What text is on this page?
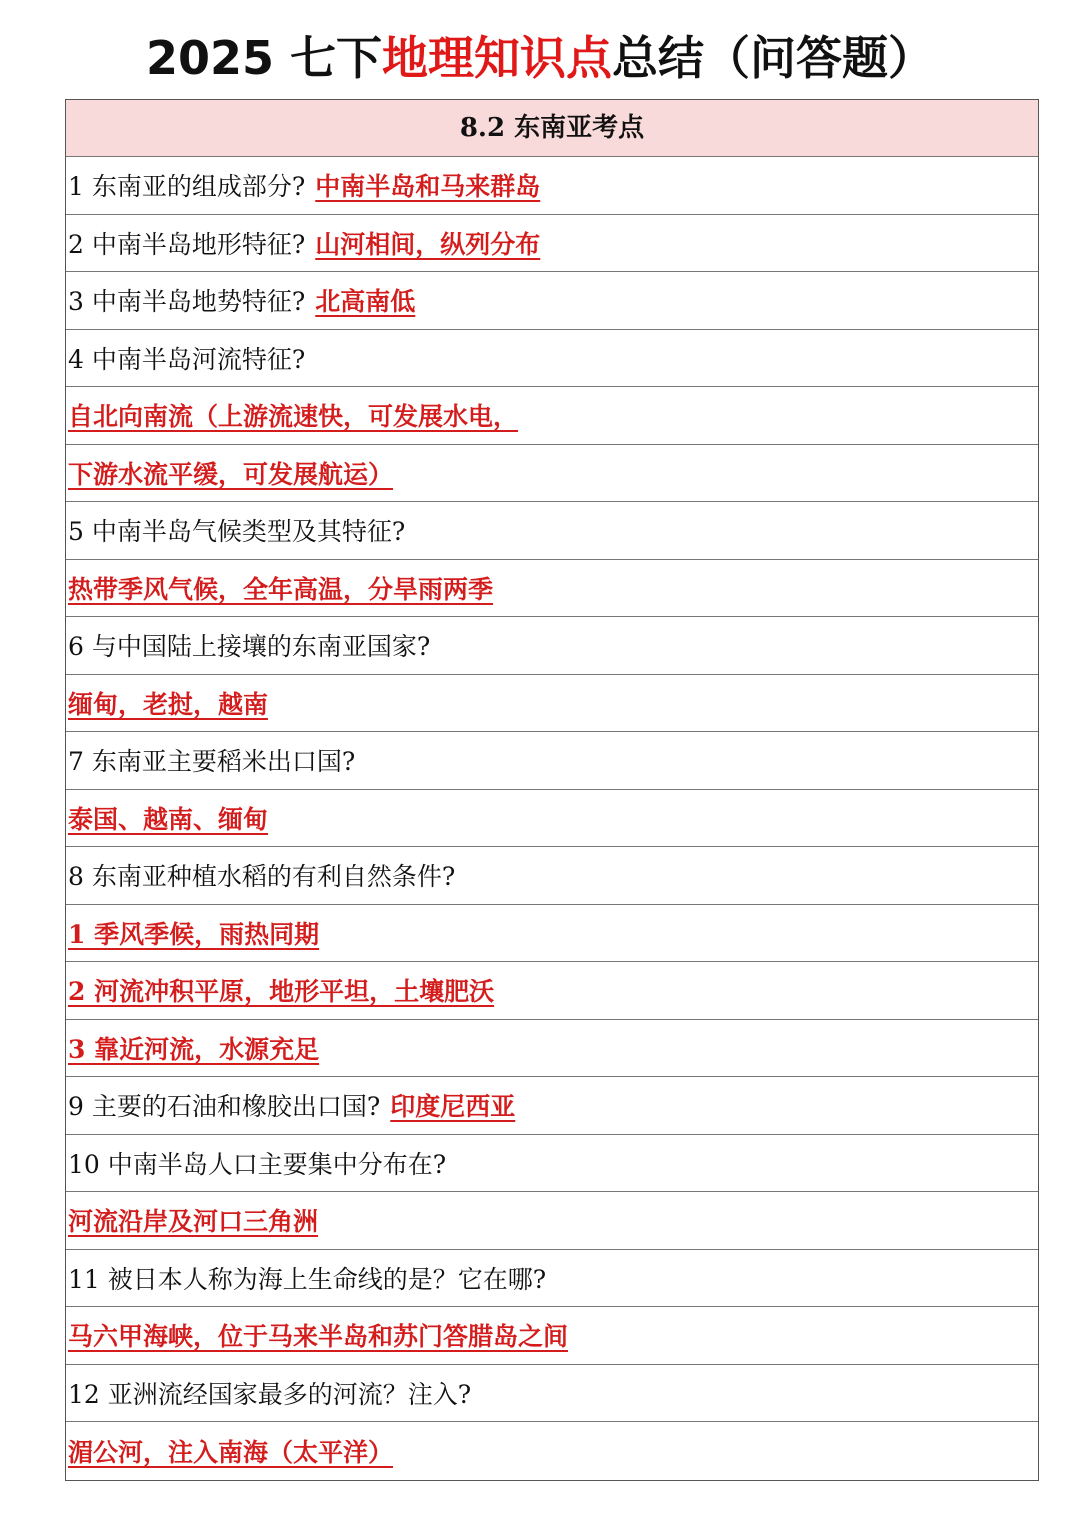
2025 七下地理知识点总结（问答题）
8.2 东南亚考点
1 东南亚的组成部分? 中南半岛和马来群岛
2 中南半岛地形特征? 山河相间，纵列分布
3 中南半岛地势特征? 北高南低
4 中南半岛河流特征?
自北向南流（上游流速快，可发展水电，
下游水流平缓，可发展航运）
5 中南半岛气候类型及其特征?
热带季风气候，全年高温，分旱雨两季
6 与中国陆上接壤的东南亚国家?
缅甸，老挝，越南
7 东南亚主要稻米出口国?
泰国、越南、缅甸
8 东南亚种植水稻的有利自然条件?
1 季风季候，雨热同期
2 河流冲积平原，地形平坦，土壤肥沃
3 靠近河流，水源充足
9 主要的石油和橡胶出口国? 印度尼西亚
10 中南半岛人口主要集中分布在?
河流沿岸及河口三角洲
11 被日本人称为海上生命线的是？它在哪?
马六甲海峡，位于马来半岛和苏门答腊岛之间
12 亚洲流经国家最多的河流？注入?
湄公河，注入南海（太平洋）
